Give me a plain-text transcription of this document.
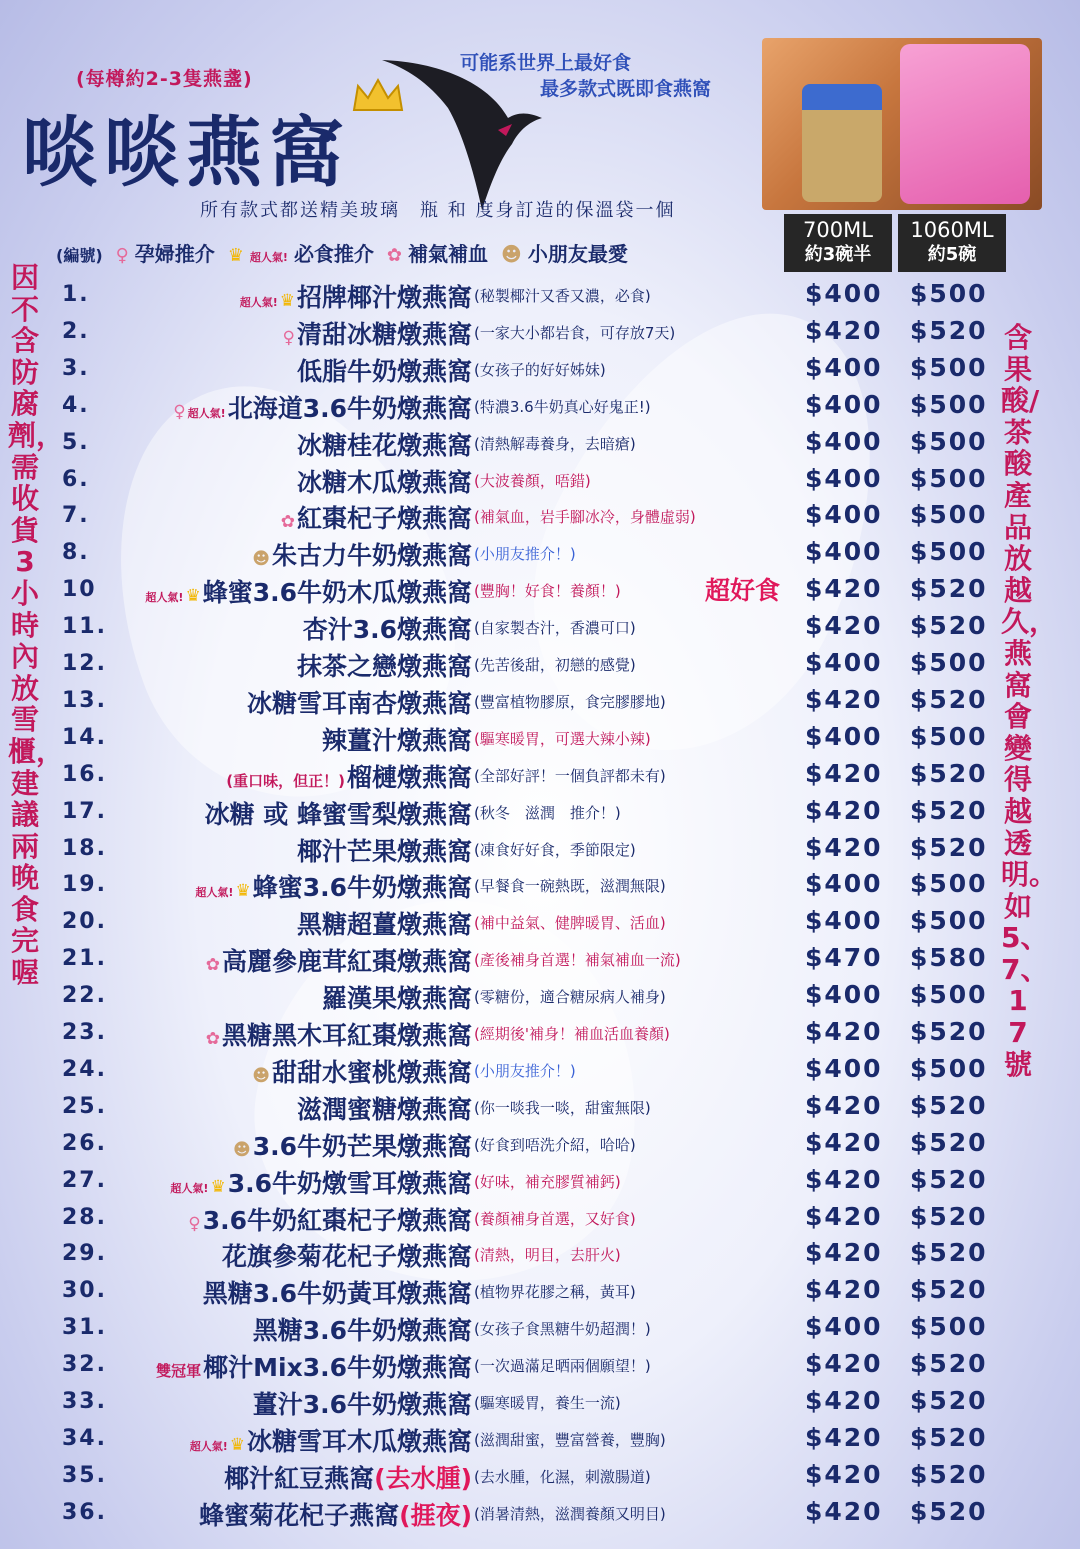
(每樽約2-3隻燕盞)
啖啖燕窩
可能系世界上最好食
最多款式既即食燕窩
所有款式都送精美玻璃　瓶 和 度身訂造的保溫袋一個
700ML
約3碗半
1060ML
約5碗
(編號) ♀ 孕婦推介 ♛ 超人氣! 必食推介 ✿ 補氣補血 ☻ 小朋友最愛
因不含防腐劑，需收貨3小時內放雪櫃，建議兩晚食完喔
含果酸/茶酸產品放越久，燕窩會變得越透明。如5、7、17號
1.	超人氣! ♛招牌椰汁燉燕窩 (秘製椰汁又香又濃，必食)	$400 $500
2.	♀清甜冰糖燉燕窩 (一家大小都岩食，可存放7天)	$420 $520
3.	低脂牛奶燉燕窩 (女孩子的好好姊妹)	$400 $500
4.	♀ 超人氣!北海道3.6牛奶燉燕窩 (特濃3.6牛奶真心好鬼正!)	$400 $500
5.	冰糖桂花燉燕窩 (清熱解毒養身，去暗瘡)	$400 $500
6.	冰糖木瓜燉燕窩 (大波養顏，唔錯)	$400 $500
7.	✿紅棗杞子燉燕窩 (補氣血，岩手腳冰冷，身體虛弱)	$400 $500
8.	☻朱古力牛奶燉燕窩 (小朋友推介！)	$400 $500
10	超人氣! ♛蜂蜜3.6牛奶木瓜燉燕窩 (豐胸！好食！養顏！)	超好食 $420 $520
11.	杏汁3.6燉燕窩 (自家製杏汁，香濃可口)	$420 $520
12.	抹茶之戀燉燕窩 (先苦後甜，初戀的感覺)	$400 $500
13.	冰糖雪耳南杏燉燕窩 (豐富植物膠原，食完膠膠地)	$420 $520
14.	辣薑汁燉燕窩 (驅寒暖胃，可選大辣小辣)	$400 $500
16.	(重口味，但正！)榴槤燉燕窩 (全部好評！一個負評都未有)	$420 $520
17.	冰糖 或 蜂蜜雪梨燉燕窩 (秋冬　滋潤　推介！)	$420 $520
18.	椰汁芒果燉燕窩 (凍食好好食，季節限定)	$420 $520
19.	超人氣! ♛蜂蜜3.6牛奶燉燕窩 (早餐食一碗熱既，滋潤無限)	$400 $500
20.	黑糖超薑燉燕窩 (補中益氣、健脾暖胃、活血)	$400 $500
21.	✿高麗參鹿茸紅棗燉燕窩 (產後補身首選！補氣補血一流)	$470 $580
22.	羅漢果燉燕窩 (零糖份，適合糖尿病人補身)	$400 $500
23.	✿黑糖黑木耳紅棗燉燕窩 (經期後'補身！補血活血養顏)	$420 $520
24.	☻甜甜水蜜桃燉燕窩 (小朋友推介！)	$400 $500
25.	滋潤蜜糖燉燕窩 (你一啖我一啖，甜蜜無限)	$420 $520
26.	☻3.6牛奶芒果燉燕窩 (好食到唔洗介紹，哈哈)	$420 $520
27.	超人氣! ♛3.6牛奶燉雪耳燉燕窩 (好味，補充膠質補鈣)	$420 $520
28.	♀3.6牛奶紅棗杞子燉燕窩 (養顏補身首選，又好食)	$420 $520
29.	花旗參菊花杞子燉燕窩 (清熱，明目，去肝火)	$420 $520
30.	黑糖3.6牛奶黃耳燉燕窩 (植物界花膠之稱，黃耳)	$420 $520
31.	黑糖3.6牛奶燉燕窩 (女孩子食黑糖牛奶超潤！)	$400 $500
32.	雙冠軍椰汁Mix3.6牛奶燉燕窩 (一次過滿足晒兩個願望！)	$420 $520
33.	薑汁3.6牛奶燉燕窩 (驅寒暖胃，養生一流)	$420 $520
34.	超人氣! ♛冰糖雪耳木瓜燉燕窩 (滋潤甜蜜，豐富營養，豐胸)	$420 $520
35.	椰汁紅豆燕窩(去水腫) (去水腫，化濕，刺激腸道)	$420 $520
36.	蜂蜜菊花杞子燕窩(捱夜) (消暑清熱，滋潤養顏又明目)	$420 $520
